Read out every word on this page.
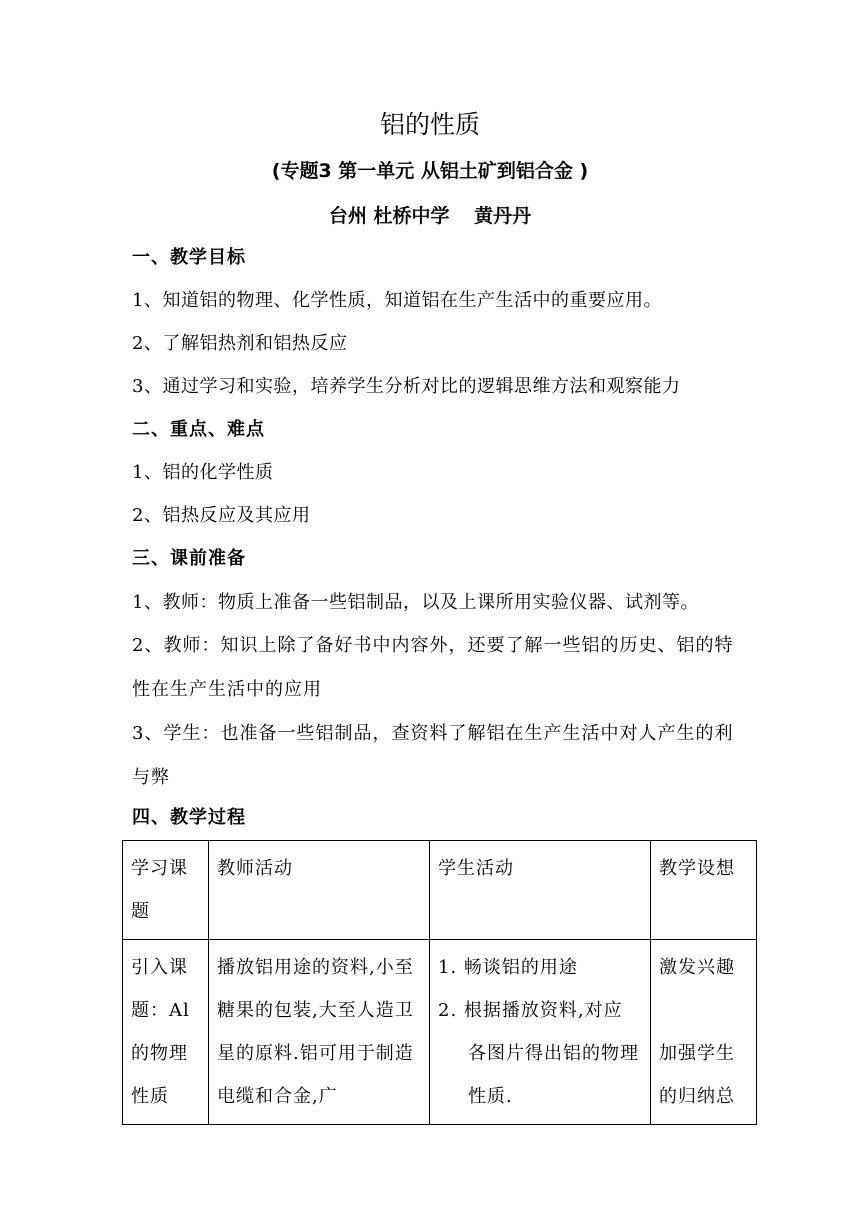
铝的性质
(专题3 第一单元 从铝土矿到铝合金 )
台州 杜桥中学 黄丹丹
一、教学目标
1、知道铝的物理、化学性质，知道铝在生产生活中的重要应用。
2、了解铝热剂和铝热反应
3、通过学习和实验，培养学生分析对比的逻辑思维方法和观察能力
二、重点、难点
1、铝的化学性质
2、铝热反应及其应用
三、课前准备
1、教师：物质上准备一些铝制品，以及上课所用实验仪器、试剂等。
2、教师：知识上除了备好书中内容外，还要了解一些铝的历史、铝的特性在生产生活中的应用
3、学生：也准备一些铝制品，查资料了解铝在生产生活中对人产生的利与弊
四、教学过程
学习课题	教师活动	学生活动	教学设想
引入课题：Al的物理性质	播放铝用途的资料,小至糖果的包装,大至人造卫星的原料.铝可用于制造电缆和合金,广	1. 畅谈铝的用途
2. 根据播放资料,对应
各图片得出铝的物理性质.	激发兴趣
加强学生的归纳总
